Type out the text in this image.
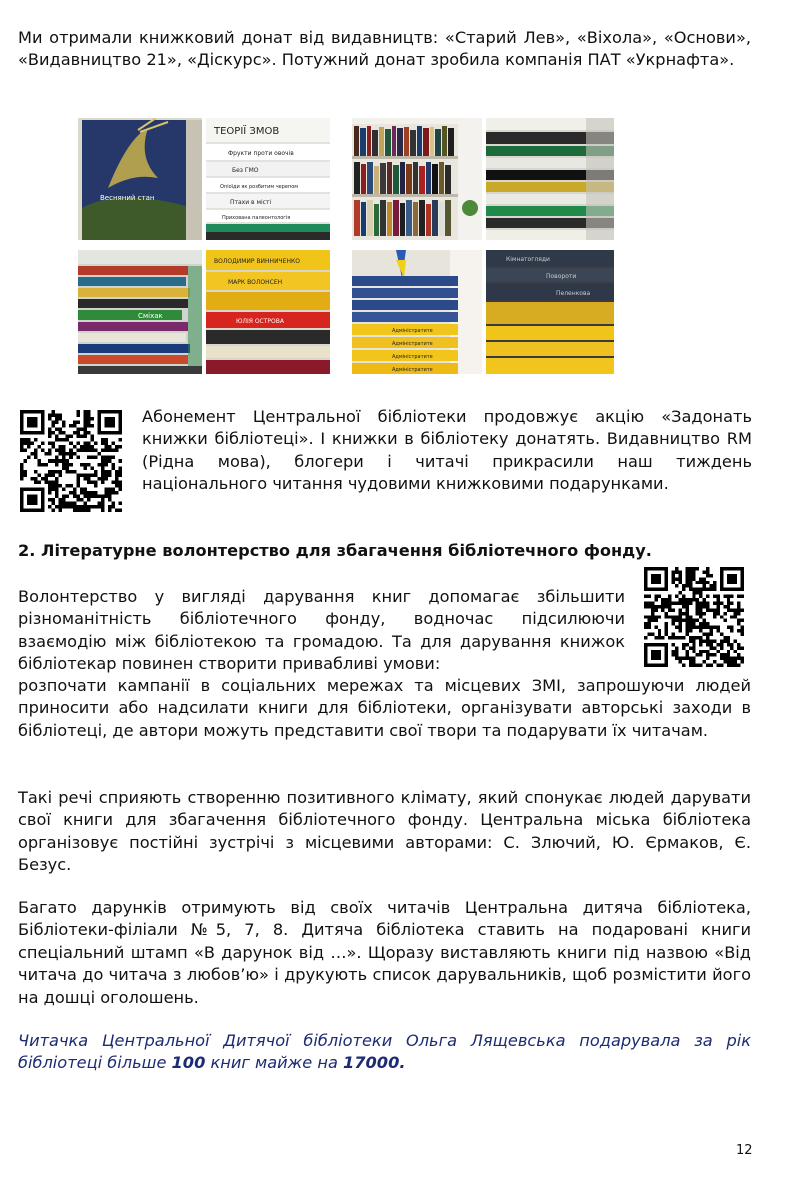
Ми отримали книжковий донат від видавництв: «Старий Лев», «Віхола», «Основи», «Видавництво 21», «Діскурс». Потужний донат зробила компанія ПАТ «Укрнафта».

Весняний стан
ТЕОРІЇ ЗМОВ
Фрукти проти овочів
Без ГМО
Опіоїди як розбитим черепом
Птахи в місті
Прихована палеонтологія
Сміхак
ВОЛОДИМИР ВИННИЧЕНКО
МАРК ВОЛОНСЕН
ЮЛІЯ ОСТРОВА
Адміністратите
Адміністратите
Адміністратите
Адміністратите
Кімнатогляди
Повороти
Пеленкова

Абонемент Центральної бібліотеки продовжує акцію «Задонать книжки бібліотеці». І книжки в бібліотеку донатять. Видавництво RM (Рідна мова), блогери і читачі прикрасили наш тиждень національного читання чудовими книжковими подарунками.

2. Літературне волонтерство для збагачення бібліотечного фонду.

Волонтерство у вигляді дарування книг допомагає збільшити різноманітність бібліотечного фонду, водночас підсилюючи взаємодію між бібліотекою та громадою. Та для дарування книжок бібліотекар повинен створити привабливі умови:

розпочати кампанії в соціальних мережах та місцевих ЗМІ, запрошуючи людей приносити або надсилати книги для бібліотеки, організувати авторські заходи в бібліотеці, де автори можуть представити свої твори та подарувати їх читачам.

Такі речі сприяють створенню позитивного клімату, який спонукає людей дарувати свої книги для збагачення бібліотечного фонду. Центральна міська бібліотека організовує постійні зустрічі з місцевими авторами: С. Злючий, Ю. Єрмаков, Є. Безус.

Багато дарунків отримують від своїх читачів Центральна дитяча бібліотека, Бібліотеки-філіали №5, 7, 8. Дитяча бібліотека ставить на подаровані книги спеціальний штамп «В дарунок від …». Щоразу виставляють книги під назвою «Від читача до читача з любов’ю» і друкують список дарувальників, щоб розмістити його на дошці оголошень.

Читачка Центральної Дитячої бібліотеки Ольга Лящевська подарувала за рік бібліотеці більше 100 книг майже на 17000.

12
